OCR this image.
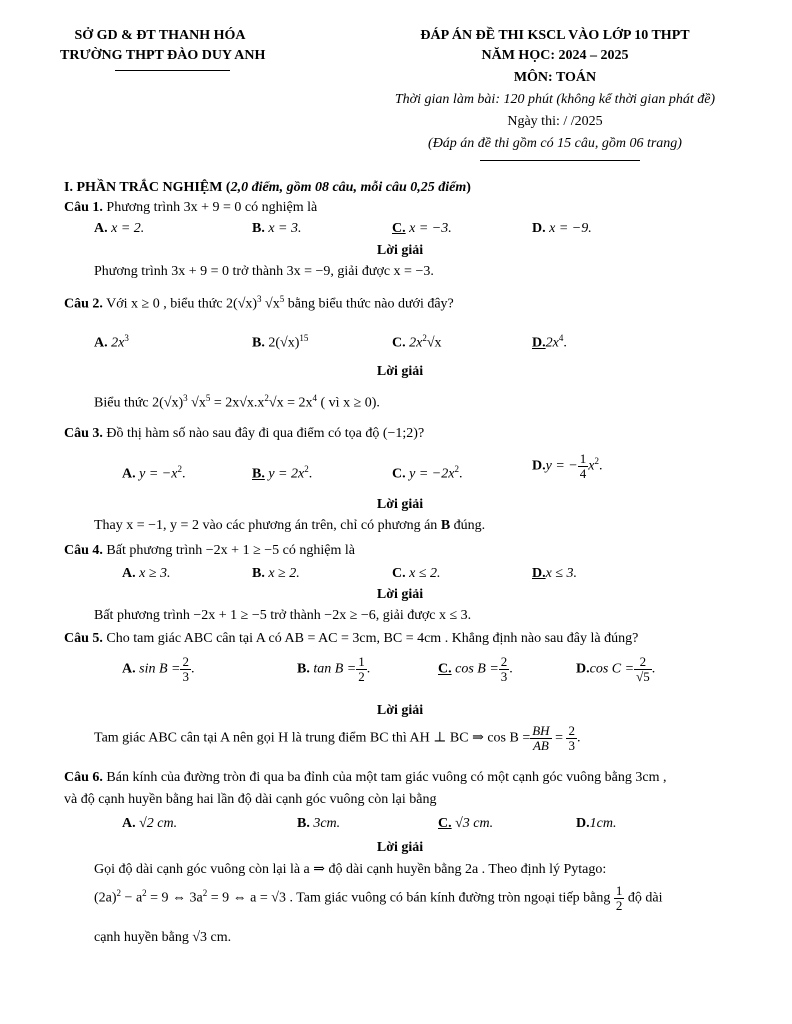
SỞ GD & ĐT THANH HÓA
TRƯỜNG THPT ĐÀO DUY ANH
ĐÁP ÁN ĐỀ THI KSCL VÀO LỚP 10 THPT
NĂM HỌC: 2024 – 2025
MÔN: TOÁN
Thời gian làm bài: 120 phút (không kể thời gian phát đề)
Ngày thi: / /2025
(Đáp án đề thi gồm có 15 câu, gồm 06 trang)
I. PHẦN TRẮC NGHIỆM (2,0 điểm, gồm 08 câu, mỗi câu 0,25 điểm)
Câu 1. Phương trình 3x + 9 = 0 có nghiệm là
A. x = 2.	B. x = 3.	C. x = −3.	D. x = −9.
Lời giải
Phương trình 3x + 9 = 0 trở thành 3x = −9, giải được x = −3.
Câu 2. Với x ≥ 0 , biểu thức $2(√x)^3$ $√x^5$ bằng biểu thức nào dưới đây?
A. $2x^3$	B. $2(√x)^{15}$	C. $2x^2√x$	$D.2x^4$.
Lời giải
Biểu thức $2(√x)^3$ $√x^5 = 2x√x.x^2√x = 2x^4$ ( vì x ≥ 0).
Câu 3. Đồ thị hàm số nào sau đây đi qua điểm có tọa độ (−1;2)?
A. $y = -x^2$.	B. $y = 2x^2$.	C. $y = -2x^2$.
D.y = − $\frac{1}{4} x^2$.
Lời giải
Thay x = −1, y = 2 vào các phương án trên, chỉ có phương án B đúng.
Câu 4. Bất phương trình −2x + 1 ≥ −5 có nghiệm là
A. x ≥ 3.	B. x ≥ 2.	C. x ≤ 2.	D.x ≤ 3.
Lời giải
Bất phương trình −2x + 1 ≥ −5 trở thành −2x ≥ −6, giải được x ≤ 3.
Câu 5. Cho tam giác ABC cân tại A có AB = AC = 3cm, BC = 4cm . Khẳng định nào sau đây là đúng?
A. $\sin B = \frac{2}{3}$ .	B. $\tan B = \frac{1}{2}$ .	C. $\cos B = \frac{2}{3}$ .	D.cos $C = \frac{2}{√5}$ .
Lời giải
Tam giác ABC cân tại A nên gọi H là trung điểm BC thì AH ⊥ BC ⇒ $\cos B = \frac{BH}{AB} = \frac{2}{3}$ .
Câu 6. Bán kính của đường tròn đi qua ba đỉnh của một tam giác vuông có một cạnh góc vuông bằng 3cm ,
và độ cạnh huyền bằng hai lần độ dài cạnh góc vuông còn lại bằng
A. √2 cm.	B. 3cm.	C. √3 cm.	D.1cm.
Lời giải
Gọi độ dài cạnh góc vuông còn lại là a ⇒ độ dài cạnh huyền bằng 2a . Theo định lý Pytago:
$(2a)^2 - a^2 = 9$ ⇔ $3a^2 = 9$ ⇔ a = √3 . Tam giác vuông có bán kính đường tròn ngoại tiếp bằng $\frac{1}{2}$ độ dài
cạnh huyền bằng √3 cm.
